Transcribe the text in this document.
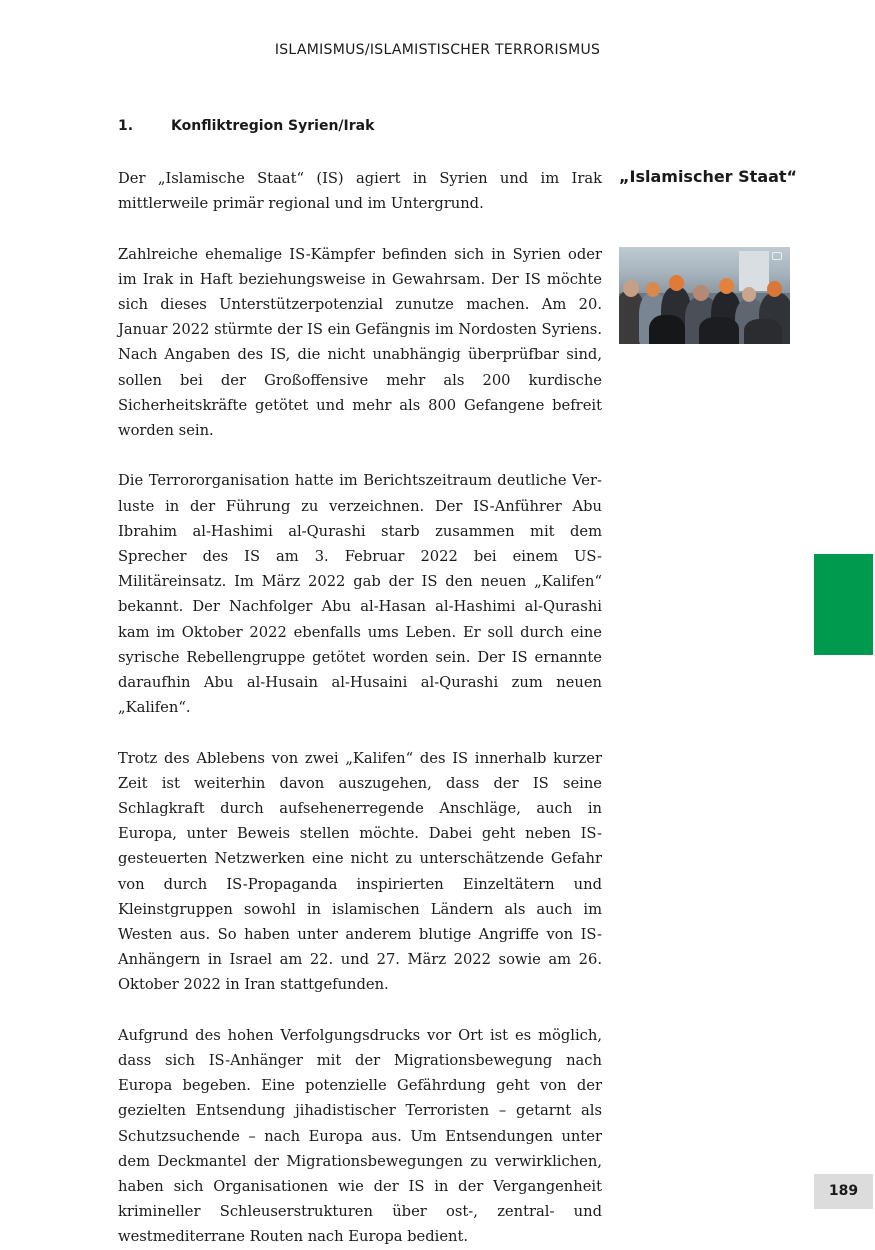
ISLAMISMUS/ISLAMISTISCHER TERRORISMUS
1.	Konfliktregion Syrien/Irak
„Islamischer Staat“

Der „Islamische Staat“ (IS) agiert in Syrien und im Irak mittlerweile primär regional und im Untergrund.

Zahlreiche ehemalige IS-Kämpfer befinden sich in Syrien oder im Irak in Haft beziehungsweise in Gewahrsam. Der IS möchte sich dieses Unterstützerpotenzial zunutze machen. Am 20. Januar 2022 stürmte der IS ein Gefängnis im Nordosten Syriens. Nach Angaben des IS, die nicht unabhängig überprüfbar sind, sollen bei der Großoffensive mehr als 200 kurdische Sicherheitskräfte getötet und mehr als 800 Gefangene befreit worden sein.

Die Terrororganisation hatte im Berichtszeitraum deutliche Verluste in der Führung zu verzeichnen. Der IS-Anführer Abu Ibrahim al-Hashimi al-Qurashi starb zusammen mit dem Sprecher des IS am 3. Februar 2022 bei einem US-Militäreinsatz. Im März 2022 gab der IS den neuen „Kalifen“ bekannt. Der Nachfolger Abu al-Hasan al-Hashimi al-Qurashi kam im Oktober 2022 ebenfalls ums Leben. Er soll durch eine syrische Rebellengruppe getötet worden sein. Der IS ernannte daraufhin Abu al-Husain al-Husaini al-Qurashi zum neuen „Kalifen“.

Trotz des Ablebens von zwei „Kalifen“ des IS innerhalb kurzer Zeit ist weiterhin davon auszugehen, dass der IS seine Schlagkraft durch aufsehenerregende Anschläge, auch in Europa, unter Beweis stellen möchte. Dabei geht neben IS-gesteuerten Netzwerken eine nicht zu unterschätzende Gefahr von durch IS-Propaganda inspirierten Einzeltätern und Kleinstgruppen sowohl in islamischen Ländern als auch im Westen aus. So haben unter anderem blutige Angriffe von IS-Anhängern in Israel am 22. und 27. März 2022 sowie am 26. Oktober 2022 in Iran stattgefunden.

Aufgrund des hohen Verfolgungsdrucks vor Ort ist es möglich, dass sich IS-Anhänger mit der Migrationsbewegung nach Europa begeben. Eine potenzielle Gefährdung geht von der gezielten Entsendung jihadistischer Terroristen – getarnt als Schutzsuchende – nach Europa aus. Um Entsendungen unter dem Deckmantel der Migrationsbewegungen zu verwirklichen, haben sich Organisationen wie der IS in der Vergangenheit krimineller Schleuserstrukturen über ost-, zentral- und westmediterrane Routen nach Europa bedient.

189
